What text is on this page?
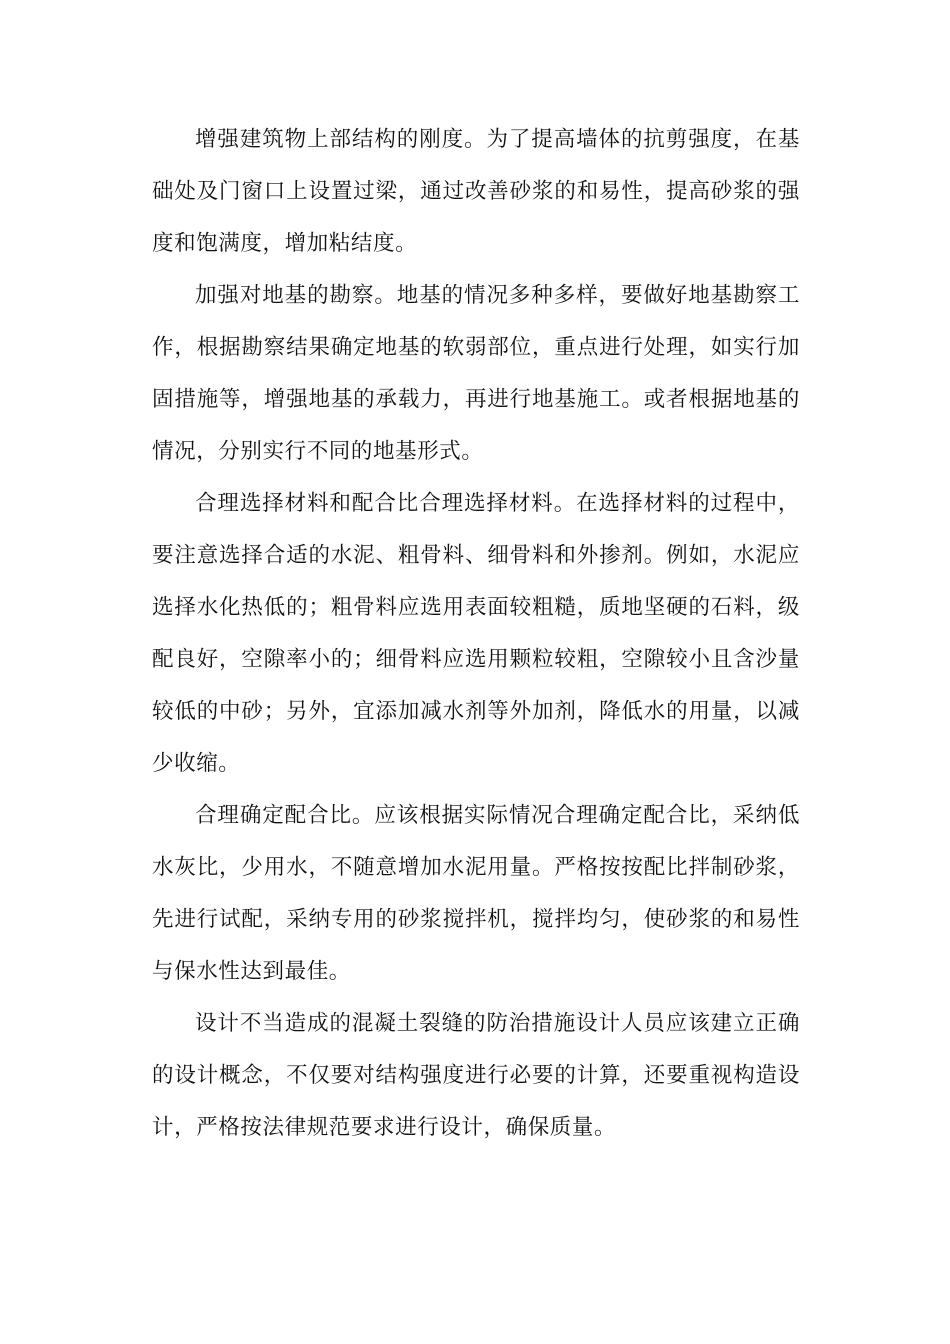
增强建筑物上部结构的刚度。为了提高墙体的抗剪强度，在基础处及门窗口上设置过梁，通过改善砂浆的和易性，提高砂浆的强度和饱满度，增加粘结度。

加强对地基的勘察。地基的情况多种多样，要做好地基勘察工作，根据勘察结果确定地基的软弱部位，重点进行处理，如实行加固措施等，增强地基的承载力，再进行地基施工。或者根据地基的情况，分别实行不同的地基形式。

合理选择材料和配合比合理选择材料。在选择材料的过程中，要注意选择合适的水泥、粗骨料、细骨料和外掺剂。例如，水泥应选择水化热低的；粗骨料应选用表面较粗糙，质地坚硬的石料，级配良好，空隙率小的；细骨料应选用颗粒较粗，空隙较小且含沙量较低的中砂；另外，宜添加减水剂等外加剂，降低水的用量，以减少收缩。

合理确定配合比。应该根据实际情况合理确定配合比，采纳低水灰比，少用水，不随意增加水泥用量。严格按按配比拌制砂浆，先进行试配，采纳专用的砂浆搅拌机，搅拌均匀，使砂浆的和易性与保水性达到最佳。

设计不当造成的混凝土裂缝的防治措施设计人员应该建立正确的设计概念，不仅要对结构强度进行必要的计算，还要重视构造设计，严格按法律规范要求进行设计，确保质量。
